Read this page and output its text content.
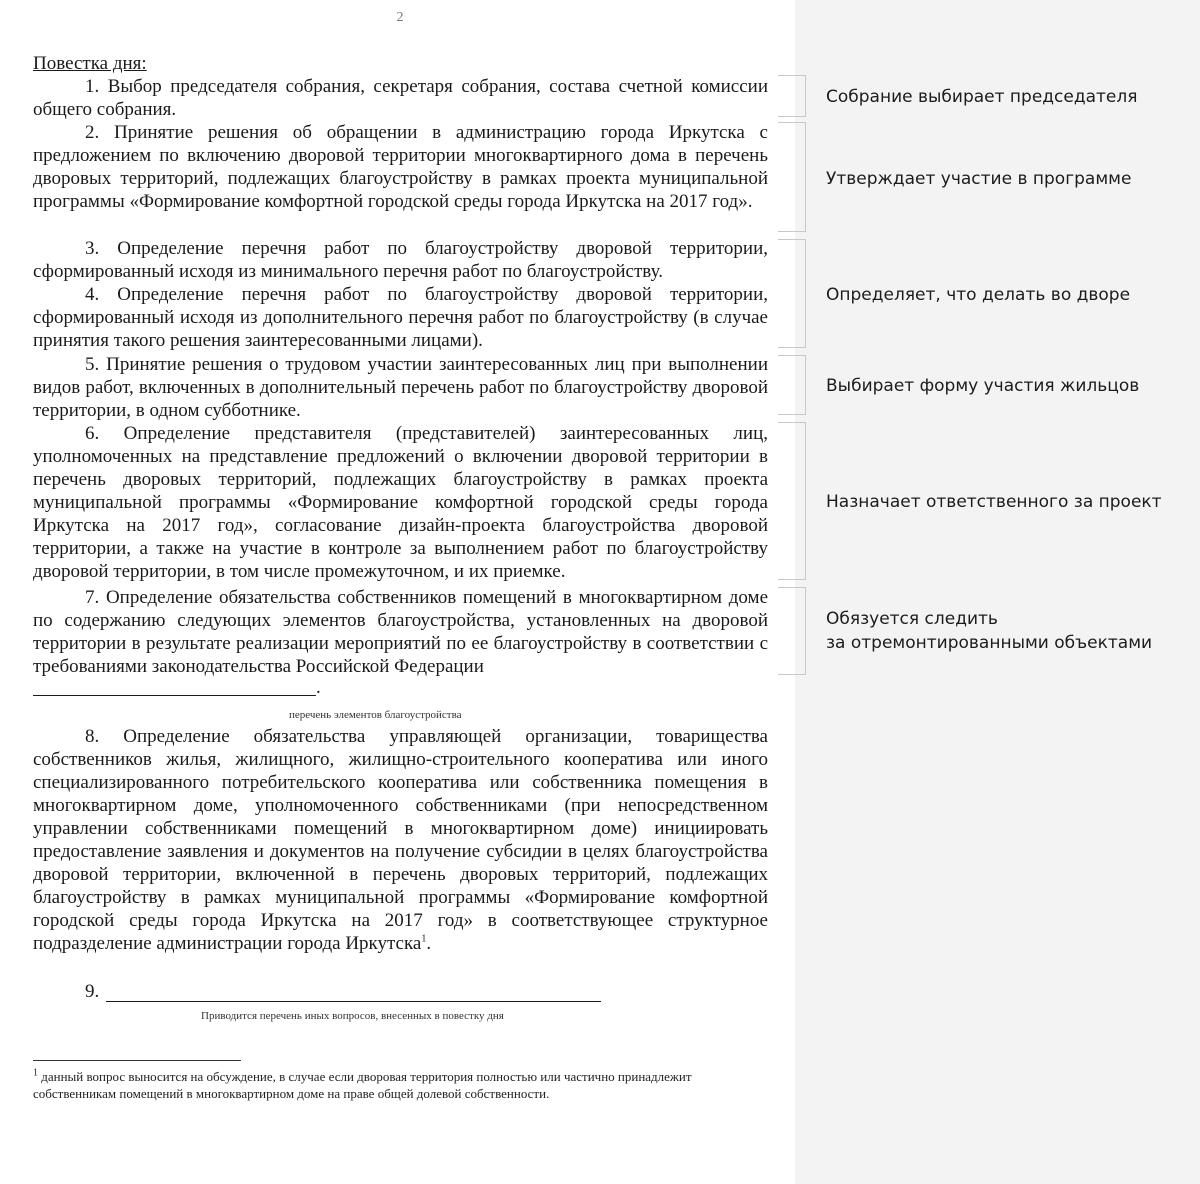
2
Повестка дня:

1. Выбор председателя собрания, секретаря собрания, состава счетной комиссии общего собрания.

2. Принятие решения об обращении в администрацию города Иркутска с предложением по включению дворовой территории многоквартирного дома в перечень дворовых территорий, подлежащих благоустройству в рамках проекта муниципальной программы «Формирование комфортной городской среды города Иркутска на 2017 год».

3. Определение перечня работ по благоустройству дворовой территории, сформированный исходя из минимального перечня работ по благоустройству.

4. Определение перечня работ по благоустройству дворовой территории, сформированный исходя из дополнительного перечня работ по благоустройству (в случае принятия такого решения заинтересованными лицами).

5. Принятие решения о трудовом участии заинтересованных лиц при выполнении видов работ, включенных в дополнительный перечень работ по благоустройству дворовой территории, в одном субботнике.

6. Определение представителя (представителей) заинтересованных лиц, уполномоченных на представление предложений о включении дворовой территории в перечень дворовых территорий, подлежащих благоустройству в рамках проекта муниципальной программы «Формирование комфортной городской среды города Иркутска на 2017 год», согласование дизайн-проекта благоустройства дворовой территории, а также на участие в контроле за выполнением работ по благоустройству дворовой территории, в том числе промежуточном, и их приемке.

7. Определение обязательства собственников помещений в многоквартирном доме по содержанию следующих элементов благоустройства, установленных на дворовой территории в результате реализации мероприятий по ее благоустройству в соответствии с требованиями законодательства Российской Федерации

.
перечень элементов благоустройства

8. Определение обязательства управляющей организации, товарищества собственников жилья, жилищного, жилищно-строительного кооператива или иного специализированного потребительского кооператива или собственника помещения в многоквартирном доме, уполномоченного собственниками (при непосредственном управлении собственниками помещений в многоквартирном доме) инициировать предоставление заявления и документов на получение субсидии в целях благоустройства дворовой территории, включенной в перечень дворовых территорий, подлежащих благоустройству в рамках муниципальной программы «Формирование комфортной городской среды города Иркутска на 2017 год» в соответствующее структурное подразделение администрации города Иркутска$^1$.

9.
Приводится перечень иных вопросов, внесенных в повестку дня

$^1$ данный вопрос выносится на обсуждение, в случае если дворовая территория полностью или частично принадлежит собственникам помещений в многоквартирном доме на праве общей долевой собственности.

Собрание выбирает председателя

Утверждает участие в программе

Определяет, что делать во дворе

Выбирает форму участия жильцов

Назначает ответственного за проект

Обязуется следить
за отремонтированными объектами
